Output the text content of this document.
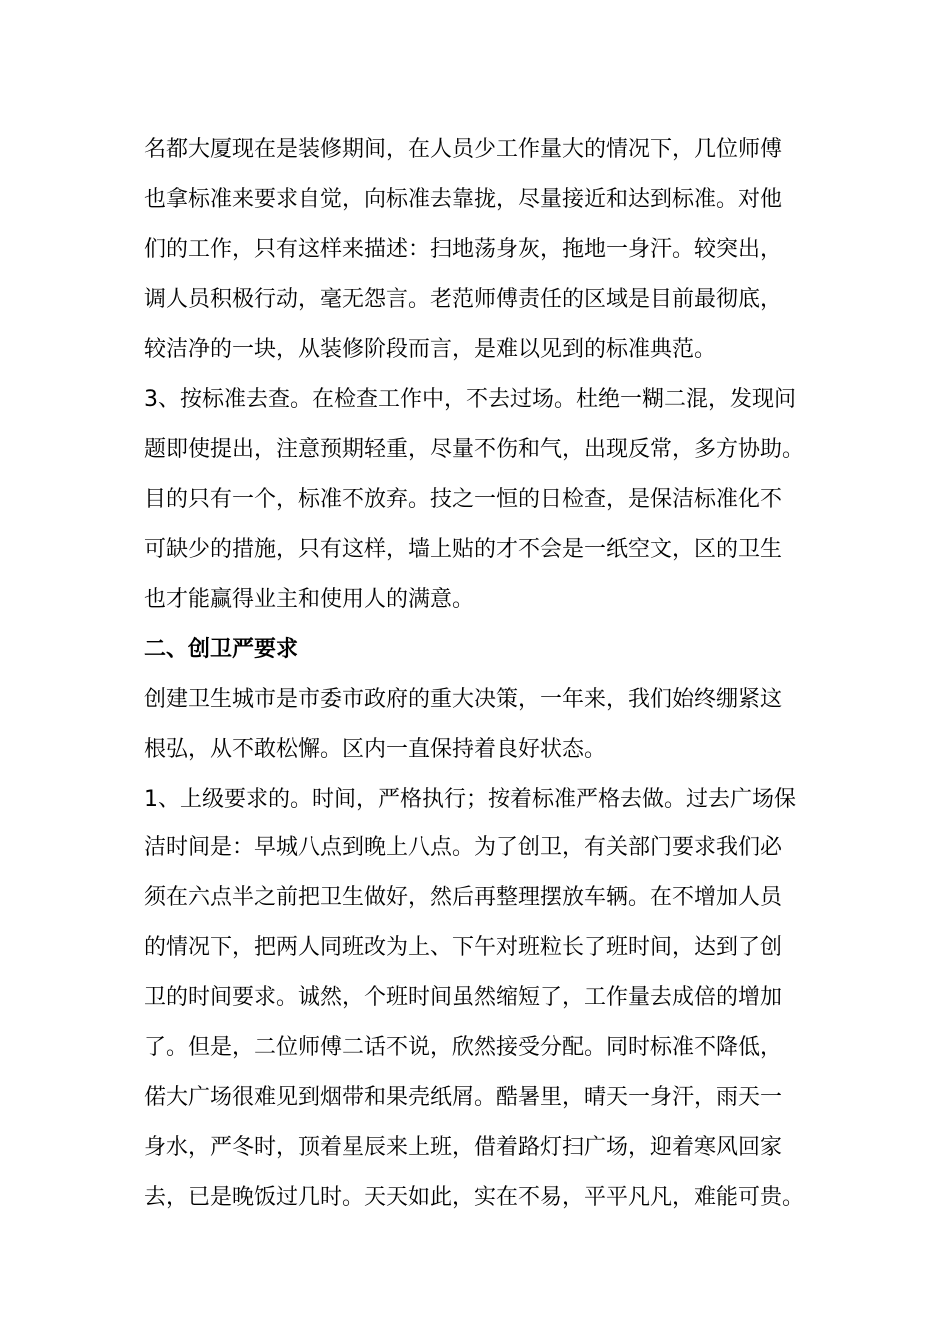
名都大厦现在是装修期间，在人员少工作量大的情况下，几位师傅
也拿标准来要求自觉，向标准去靠拢，尽量接近和达到标准。对他
们的工作，只有这样来描述：扫地荡身灰，拖地一身汗。较突出，
调人员积极行动，毫无怨言。老范师傅责任的区域是目前最彻底，
较洁净的一块，从装修阶段而言，是难以见到的标准典范。
3、按标准去查。在检查工作中，不去过场。杜绝一糊二混，发现问
题即使提出，注意预期轻重，尽量不伤和气，出现反常，多方协助。
目的只有一个，标准不放弃。技之一恒的日检查，是保洁标准化不
可缺少的措施，只有这样，墙上贴的才不会是一纸空文，区的卫生
也才能赢得业主和使用人的满意。
二、创卫严要求
创建卫生城市是市委市政府的重大决策，一年来，我们始终绷紧这
根弘，从不敢松懈。区内一直保持着良好状态。
1、上级要求的。时间，严格执行；按着标准严格去做。过去广场保
洁时间是：早城八点到晚上八点。为了创卫，有关部门要求我们必
须在六点半之前把卫生做好，然后再整理摆放车辆。在不增加人员
的情况下，把两人同班改为上、下午对班粒长了班时间，达到了创
卫的时间要求。诚然，个班时间虽然缩短了，工作量去成倍的增加
了。但是，二位师傅二话不说，欣然接受分配。同时标准不降低，
偌大广场很难见到烟带和果壳纸屑。酷暑里，晴天一身汗，雨天一
身水，严冬时，顶着星辰来上班，借着路灯扫广场，迎着寒风回家
去，已是晚饭过几时。天天如此，实在不易，平平凡凡，难能可贵。
